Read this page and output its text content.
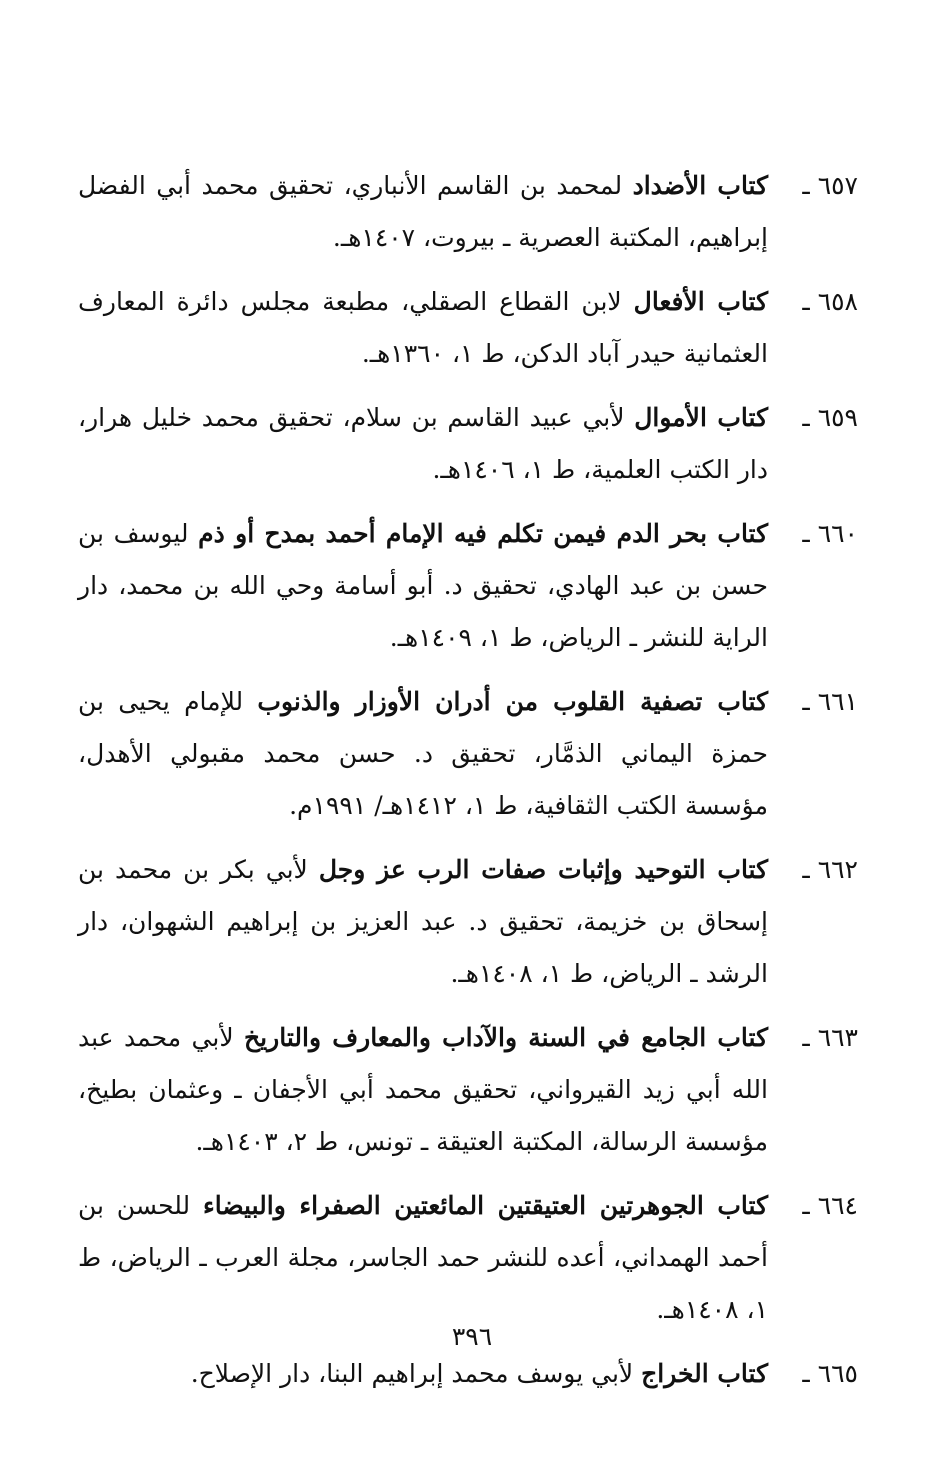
٦٥٧ ـ
كتاب الأضداد لمحمد بن القاسم الأنباري، تحقيق محمد أبي الفضل إبراهيم، المكتبة العصرية ـ بيروت، ١٤٠٧هـ.
٦٥٨ ـ
كتاب الأفعال لابن القطاع الصقلي، مطبعة مجلس دائرة المعارف العثمانية حيدر آباد الدكن، ط ١، ١٣٦٠هـ.
٦٥٩ ـ
كتاب الأموال لأبي عبيد القاسم بن سلام، تحقيق محمد خليل هرار، دار الكتب العلمية، ط ١، ١٤٠٦هـ.
٦٦٠ ـ
كتاب بحر الدم فيمن تكلم فيه الإمام أحمد بمدح أو ذم ليوسف بن حسن بن عبد الهادي، تحقيق د. أبو أسامة وحي الله بن محمد، دار الراية للنشر ـ الرياض، ط ١، ١٤٠٩هـ.
٦٦١ ـ
كتاب تصفية القلوب من أدران الأوزار والذنوب للإمام يحيى بن حمزة اليماني الذمَّار، تحقيق د. حسن محمد مقبولي الأهدل، مؤسسة الكتب الثقافية، ط ١، ١٤١٢هـ/ ١٩٩١م.
٦٦٢ ـ
كتاب التوحيد وإثبات صفات الرب عز وجل لأبي بكر بن محمد بن إسحاق بن خزيمة، تحقيق د. عبد العزيز بن إبراهيم الشهوان، دار الرشد ـ الرياض، ط ١، ١٤٠٨هـ.
٦٦٣ ـ
كتاب الجامع في السنة والآداب والمعارف والتاريخ لأبي محمد عبد الله أبي زيد القيرواني، تحقيق محمد أبي الأجفان ـ وعثمان بطيخ، مؤسسة الرسالة، المكتبة العتيقة ـ تونس، ط ٢، ١٤٠٣هـ.
٦٦٤ ـ
كتاب الجوهرتين العتيقتين المائعتين الصفراء والبيضاء للحسن بن أحمد الهمداني، أعده للنشر حمد الجاسر، مجلة العرب ـ الرياض، ط ١، ١٤٠٨هـ.
٦٦٥ ـ
كتاب الخراج لأبي يوسف محمد إبراهيم البنا، دار الإصلاح.
٣٩٦
